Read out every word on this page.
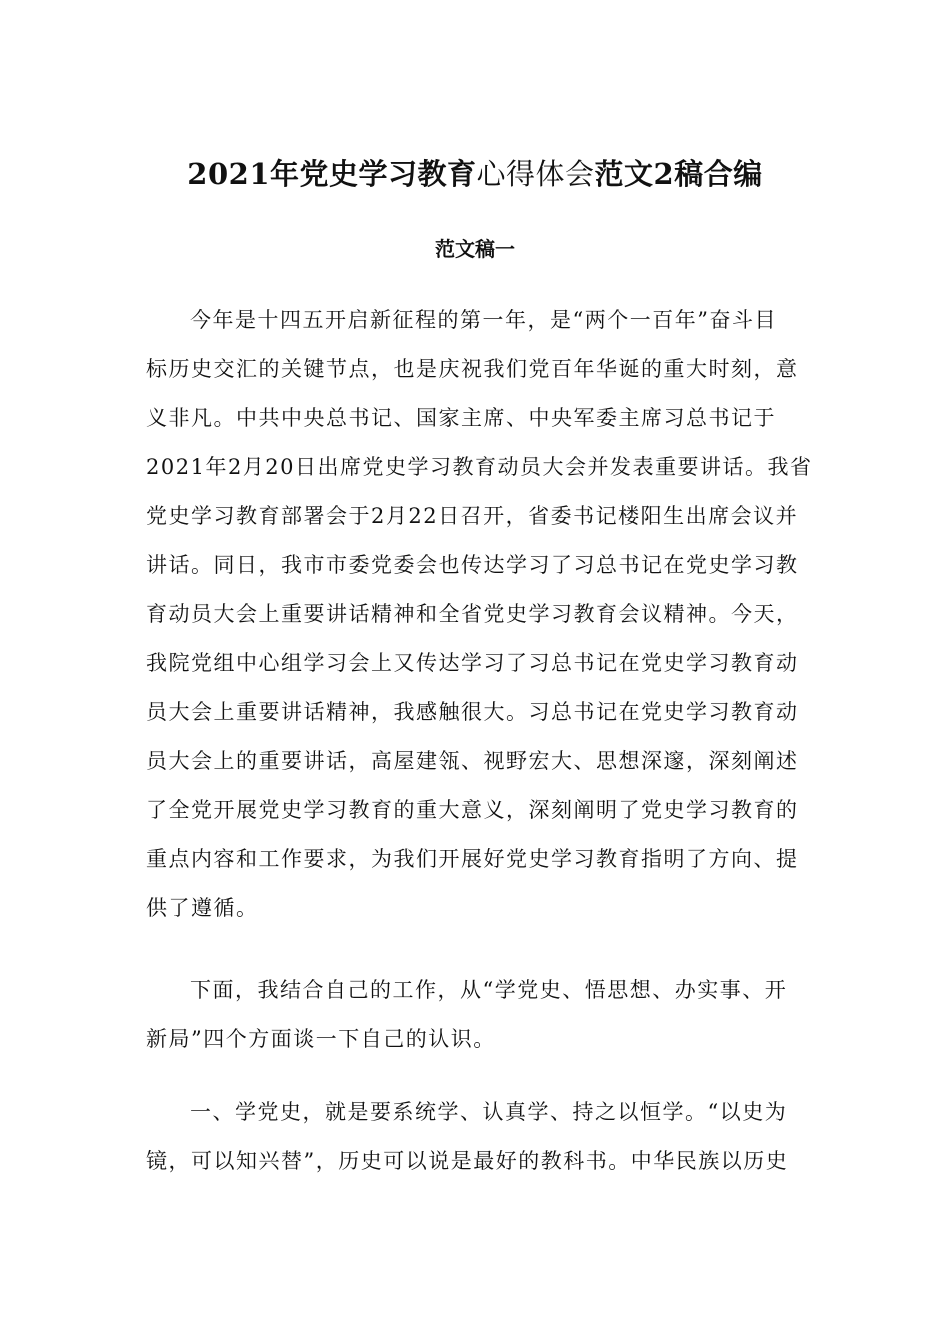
2021年党史学习教育心得体会范文2稿合编
范文稿一
今年是十四五开启新征程的第一年，是“两个一百年”奋斗目
标历史交汇的关键节点，也是庆祝我们党百年华诞的重大时刻，意
义非凡。中共中央总书记、国家主席、中央军委主席习总书记于
2021年2月20日出席党史学习教育动员大会并发表重要讲话。我省
党史学习教育部署会于2月22日召开，省委书记楼阳生出席会议并
讲话。同日，我市市委党委会也传达学习了习总书记在党史学习教
育动员大会上重要讲话精神和全省党史学习教育会议精神。今天，
我院党组中心组学习会上又传达学习了习总书记在党史学习教育动
员大会上重要讲话精神，我感触很大。习总书记在党史学习教育动
员大会上的重要讲话，高屋建瓴、视野宏大、思想深邃，深刻阐述
了全党开展党史学习教育的重大意义，深刻阐明了党史学习教育的
重点内容和工作要求，为我们开展好党史学习教育指明了方向、提
供了遵循。
下面，我结合自己的工作，从“学党史、悟思想、办实事、开
新局”四个方面谈一下自己的认识。
一、学党史，就是要系统学、认真学、持之以恒学。“以史为
镜，可以知兴替”，历史可以说是最好的教科书。中华民族以历史
